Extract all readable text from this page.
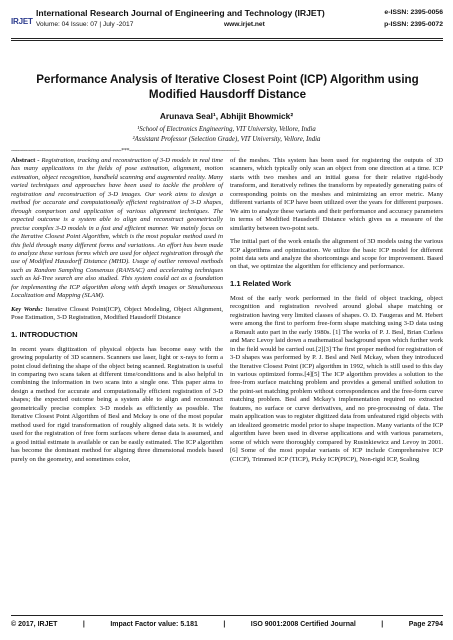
IRJET
International Research Journal of Engineering and Technology (IRJET)
Volume: 04 Issue: 07 | July -2017	www.irjet.net
e-ISSN: 2395-0056
p-ISSN: 2395-0072
Performance Analysis of Iterative Closest Point (ICP) Algorithm using Modified Hausdorff Distance
Arunava Seal¹, Abhijit Bhowmick²
¹School of Electronics Engineering, VIT University, Vellore, India
²Assistant Professor (Selection Grade), VIT University, Vellore, India
---------------------------------------------------------------------***---------------------------------------------------------------------

Abstract - Registration, tracking and reconstruction of 3-D models in real time has many applications in the fields of pose estimation, alignment, motion estimation, object recognition, handheld scanning and augmented reality. Many varied techniques and approaches have been used to tackle the problem of registration and reconstruction of 3-D images. Our work aims to design a method for accurate and computationally efficient registration of 3-D shapes, through comparison and application of various alignment techniques. The expected outcome is a system able to align and reconstruct geometrically precise complex 3-D models in a fast and efficient manner. We mainly focus on the Iterative Closest Point Algorithm, which is the most popular method used in this field through many different forms and variations. An effort has been made to analyze these various forms which are used for object registration through the use of Modified Hausdorff Distance (MHD). Usage of outlier removal methods such as Random Sampling Consensus (RANSAC) and accelerating techniques such as kd-Tree search are also studied. This system could act as a foundation for implementing the ICP algorithm along with depth images or Simultaneous Localization and Mapping (SLAM).

Key Words: Iterative Closest Point(ICP), Object Modeling, Object Alignment, Pose Estimation, 3-D Registration, Modified Hausdorff Distance

1. INTRODUCTION

In recent years digitization of physical objects has become easy with the growing popularity of 3D scanners. Scanners use laser, light or x-rays to form a point cloud defining the shape of the object being scanned. Registration is useful in comparing two scans taken at different time/conditions and is also helpful in combining the information in two scans into a single one. This paper aims to design a method for accurate and computationally efficient registration of 3-D shapes; the expected outcome being a system able to align and reconstruct geometrically precise complex 3-D models as efficiently as possible. The Iterative Closest Point Algorithm of Besl and Mckay is one of the most popular method used for rigid transformation of roughly aligned data sets. It is widely used for the registration of free form surfaces where dense data is assumed, and a good initial estimate is available or can be easily estimated. The ICP algorithm has become the dominant method for aligning three dimensional models based purely on the geometry, and sometimes color,

of the meshes. This system has been used for registering the outputs of 3D scanners, which typically only scan an object from one direction at a time. ICP starts with two meshes and an initial guess for their relative rigid-body transform, and iteratively refines the transform by repeatedly generating pairs of corresponding points on the meshes and minimizing an error metric. Many different variants of ICP have been utilized over the years for different purposes. We aim to analyze these variants and their performance and accuracy parameters in terms of Modified Hausdorff Distance which gives us a measure of the similarity between two-point sets.

The initial part of the work entails the alignment of 3D models using the various ICP algorithms and optimization. We utilize the basic ICP model for different point data sets and analyze the shortcomings and scope for improvement. Based on that, we optimize the algorithm for efficiency and performance.

1.1 Related Work

Most of the early work performed in the field of object tracking, object recognition and registration revolved around global shape matching or registration having very limited classes of shapes. O. D. Faugeras and M. Hebert were among the first to perform free-form shape matching using 3-D data using a Renault auto part in the early 1980s. [1] The works of P. J. Besl, Brian Curless and Marc Levoy laid down a mathematical background upon which further work in the field would be carried out.[2][3] The first proper method for registration of 3-D shapes was performed by P. J. Besl and Neil Mckay, when they introduced the Iterative Closest Point (ICP) algorithm in 1992, which is still used to this day in various optimized forms.[4][5] The ICP algorithm provides a solution to the free-from surface matching problem and provides a general unified solution to the point-set matching problem without correspondences and the free-form curve matching problem. Besl and Mckay's implementation required no extracted features, no surface or curve derivatives, and no pre-processing of data. The main application was to register digitized data from unfeatured rigid objects with an idealized geometric model prior to shape inspection. Many variants of the ICP algorithm have been used in diverse applications and with various parameters, some of which were thoroughly compared by Rusinkiewicz and Levoy in 2001. [6] Some of the most popular variants of ICP include Comprehensive ICP (CICP), Trimmed ICP (TICP), Picky ICP(PICP), Non-rigid ICP, Scaling

© 2017, IRJET	|	Impact Factor value: 5.181	|	ISO 9001:2008 Certified Journal	|	Page 2794
